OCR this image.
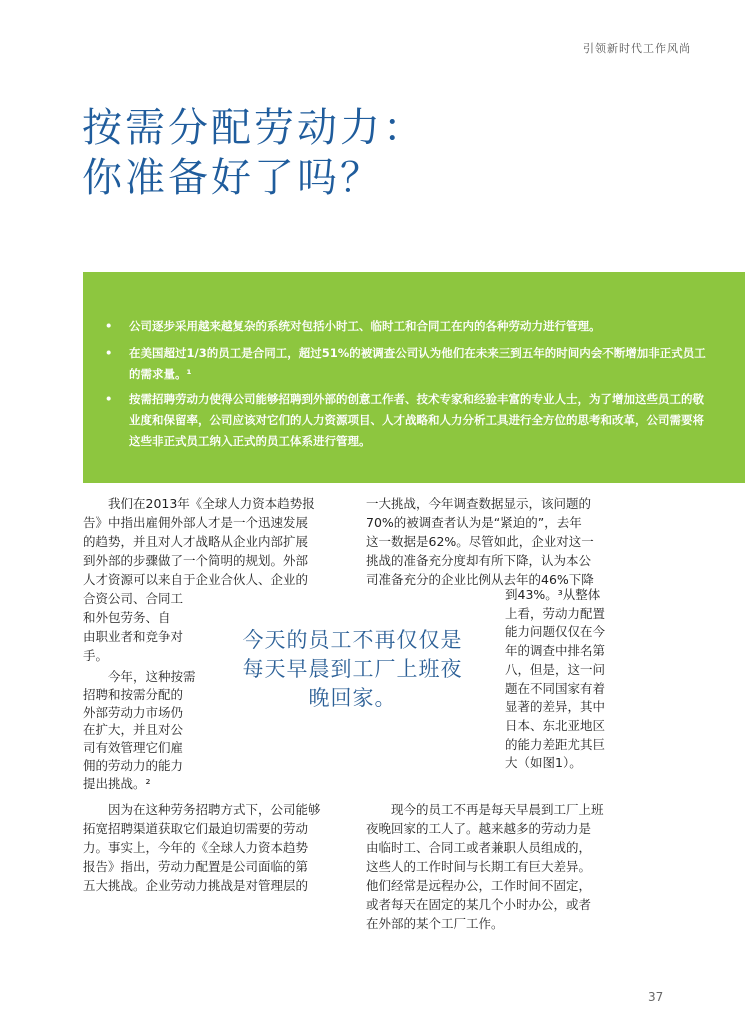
引领新时代工作风尚
按需分配劳动力：
你准备好了吗？
• 公司逐步采用越来越复杂的系统对包括小时工、临时工和合同工在内的各种劳动力进行管理。
• 在美国超过1/3的员工是合同工，超过51%的被调查公司认为他们在未来三到五年的时间内会不断增加非正式员工的需求量。¹
• 按需招聘劳动力使得公司能够招聘到外部的创意工作者、技术专家和经验丰富的专业人士，为了增加这些员工的敬业度和保留率，公司应该对它们的人力资源项目、人才战略和人力分析工具进行全方位的思考和改革，公司需要将这些非正式员工纳入正式的员工体系进行管理。
　　我们在2013年《全球人力资本趋势报
告》中指出雇佣外部人才是一个迅速发展
的趋势，并且对人才战略从企业内部扩展
到外部的步骤做了一个简明的规划。外部
人才资源可以来自于企业合伙人、企业的
合资公司、合同工
和外包劳务、自
由职业者和竞争对
手。
　　今年，这种按需
招聘和按需分配的
外部劳动力市场仍
在扩大，并且对公
司有效管理它们雇
佣的劳动力的能力
提出挑战。²
　　因为在这种劳务招聘方式下，公司能够
拓宽招聘渠道获取它们最迫切需要的劳动
力。事实上，今年的《全球人力资本趋势
报告》指出，劳动力配置是公司面临的第
五大挑战。企业劳动力挑战是对管理层的
一大挑战，今年调查数据显示，该问题的
70%的被调查者认为是“紧迫的”，去年
这一数据是62%。尽管如此，企业对这一
挑战的准备充分度却有所下降，认为本公
司准备充分的企业比例从去年的46%下降
到43%。³从整体
上看，劳动力配置
能力问题仅仅在今
年的调查中排名第
八，但是，这一问
题在不同国家有着
显著的差异，其中
日本、东北亚地区
的能力差距尤其巨
大（如图1）。
　　现今的员工不再是每天早晨到工厂上班
夜晚回家的工人了。越来越多的劳动力是
由临时工、合同工或者兼职人员组成的，
这些人的工作时间与长期工有巨大差异。
他们经常是远程办公，工作时间不固定，
或者每天在固定的某几个小时办公，或者
在外部的某个工厂工作。
今天的员工不再仅仅是
每天早晨到工厂上班夜
晚回家。
37
